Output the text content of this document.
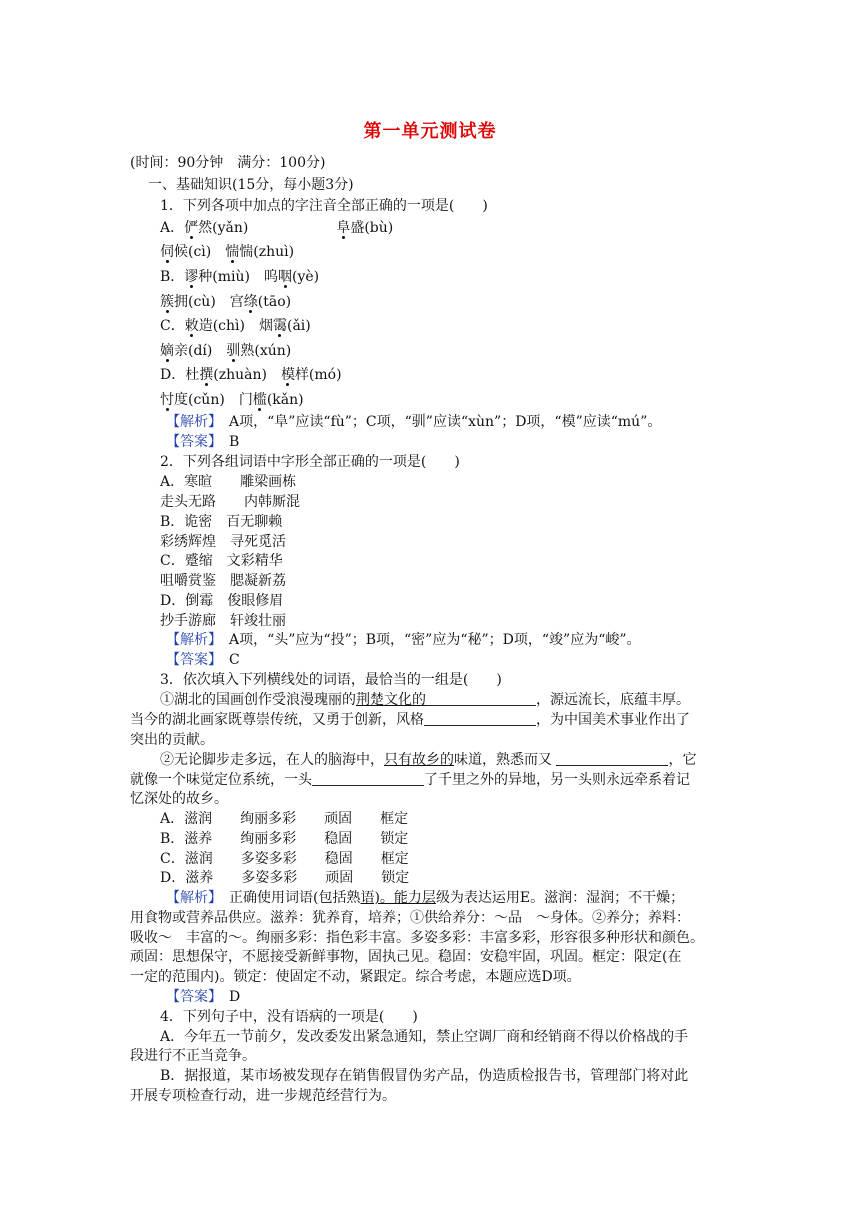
第一单元测试卷
(时间：90分钟　满分：100分)
一、基础知识(15分，每小题3分)
1．下列各项中加点的字注音全部正确的一项是(　　)
A．俨然(yǎn)	阜盛(bù)
伺候(cì)　惴惴(zhuì)
B．谬种(miù)　呜咽(yè)
簇拥(cù)　宫绦(tāo)
C．敕造(chì)　烟霭(ǎi)
嫡亲(dí)　驯熟(xún)
D．杜撰(zhuàn)　模样(mó)
忖度(cǔn)　门槛(kǎn)
【解析】　A项，“阜”应读“fù”；C项，“驯”应读“xùn”；D项，“模”应读“mú”。
【答案】　B
2．下列各组词语中字形全部正确的一项是(　　)
A．寒暄　　雕梁画栋
走头无路　　内韩厮混
B．诡密　百无聊赖
彩绣辉煌　寻死觅活
C．蹙缩　文彩精华
咀嚼赏鉴　腮凝新荔
D．倒霉　俊眼修眉
抄手游廊　轩竣壮丽
【解析】　A项，“头”应为“投”；B项，“密”应为“秘”；D项，“竣”应为“峻”。
【答案】　C
3．依次填入下列横线处的词语，最恰当的一组是(　　)
①湖北的国画创作受浪漫瑰丽的荆楚文化的	，源远流长，底蕴丰厚。
当今的湖北画家既尊崇传统，又勇于创新，风格	，为中国美术事业作出了
突出的贡献。
②无论脚步走多远，在人的脑海中，只有故乡的味道，熟悉而又	，它
就像一个味觉定位系统，一头	了千里之外的异地，另一头则永远牵系着记
忆深处的故乡。
A．滋润　　绚丽多彩　　顽固　　框定
B．滋养　　绚丽多彩　　稳固　　锁定
C．滋润　　多姿多彩　　稳固　　框定
D．滋养　　多姿多彩　　顽固　　锁定
【解析】　正确使用词语(包括熟语)。能力层级为表达运用E。滋润：湿润；不干燥；
用食物或营养品供应。滋养：犹养育，培养；①供给养分：～品　～身体。②养分；养料：
吸收～　丰富的～。绚丽多彩：指色彩丰富。多姿多彩：丰富多彩，形容很多种形状和颜色。
顽固：思想保守，不愿接受新鲜事物，固执己见。稳固：安稳牢固，巩固。框定：限定(在
一定的范围内)。锁定：使固定不动，紧跟定。综合考虑，本题应选D项。
【答案】　D
4．下列句子中，没有语病的一项是(　　)
A．今年五一节前夕，发改委发出紧急通知，禁止空调厂商和经销商不得以价格战的手
段进行不正当竞争。
B．据报道，某市场被发现存在销售假冒伪劣产品，伪造质检报告书，管理部门将对此
开展专项检查行动，进一步规范经营行为。
